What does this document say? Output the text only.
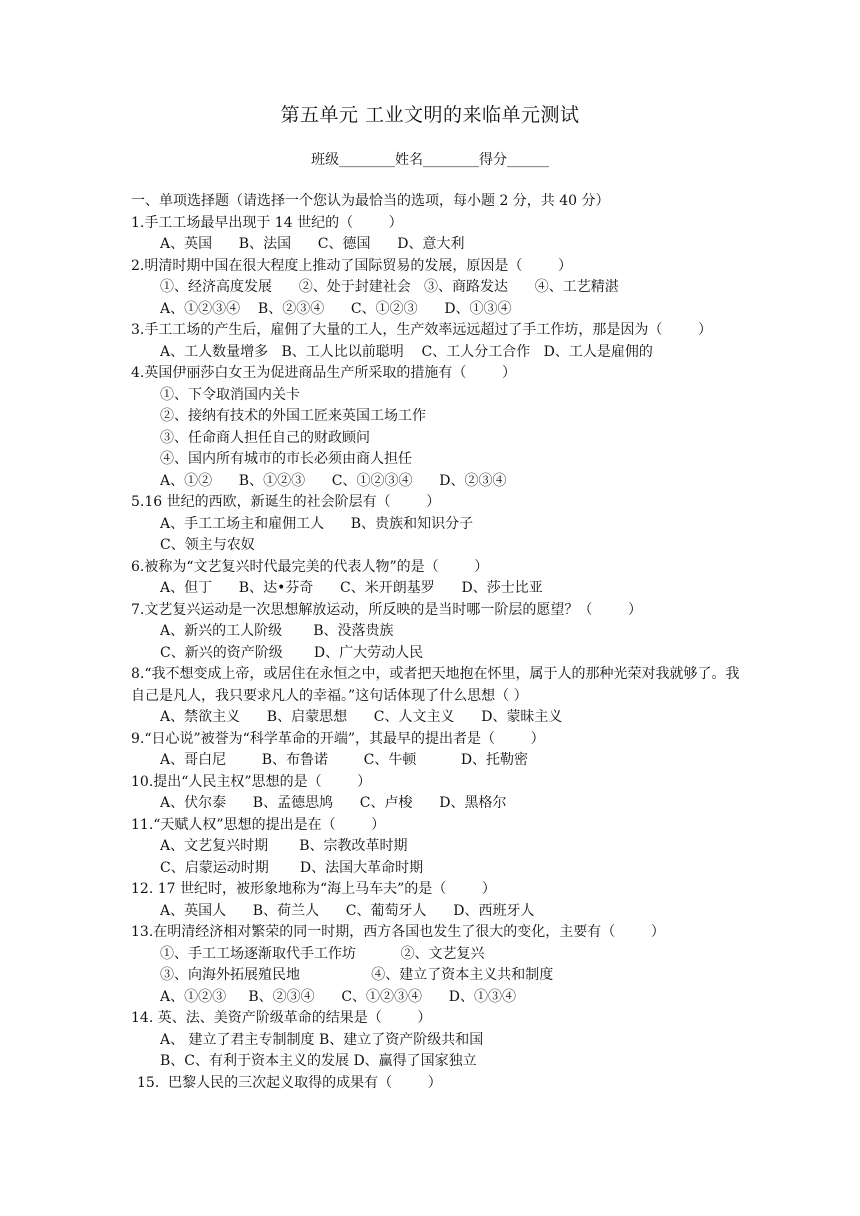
第五单元 工业文明的来临单元测试
班级________姓名________得分______
一、单项选择题（请选择一个您认为最恰当的选项，每小题 2 分，共 40 分）
1.手工工场最早出现于 14 世纪的（        ）
A、英国      B、法国      C、德国      D、意大利
2.明清时期中国在很大程度上推动了国际贸易的发展，原因是（        ）
①、经济高度发展      ②、处于封建社会   ③、商路发达      ④、工艺精湛
A、①②③④    B、②③④      C、①②③      D、①③④
3.手工工场的产生后，雇佣了大量的工人，生产效率远远超过了手工作坊，那是因为（        ）
A、工人数量增多   B、工人比以前聪明    C、工人分工合作   D、工人是雇佣的
4.英国伊丽莎白女王为促进商品生产所采取的措施有（        ）
①、下令取消国内关卡
②、接纳有技术的外国工匠来英国工场工作
③、任命商人担任自己的财政顾问
④、国内所有城市的市长必须由商人担任
A、①②      B、①②③      C、①②③④      D、②③④
5.16 世纪的西欧，新诞生的社会阶层有（        ）
A、手工工场主和雇佣工人      B、贵族和知识分子
C、领主与农奴
6.被称为“文艺复兴时代最完美的代表人物”的是（        ）
A、但丁      B、达•芬奇      C、米开朗基罗      D、莎士比亚
7.文艺复兴运动是一次思想解放运动，所反映的是当时哪一阶层的愿望？（        ）
A、新兴的工人阶级       B、没落贵族
C、新兴的资产阶级       D、广大劳动人民
8.“我不想变成上帝，或居住在永恒之中，或者把天地抱在怀里，属于人的那种光荣对我就够了。我自己是凡人，我只要求凡人的幸福。”这句话体现了什么思想（ ）
A、禁欲主义      B、启蒙思想      C、人文主义      D、蒙昧主义
9.“日心说”被誉为“科学革命的开端”，其最早的提出者是（        ）
A、哥白尼        B、布鲁诺        C、牛顿          D、托勒密
10.提出“人民主权”思想的是（        ）
A、伏尔泰      B、孟德思鸠      C、卢梭      D、黑格尔
11.“天赋人权”思想的提出是在（        ）
A、文艺复兴时期       B、宗教改革时期
C、启蒙运动时期       D、法国大革命时期
12. 17 世纪时，被形象地称为“海上马车夫”的是（        ）
A、英国人      B、荷兰人      C、葡萄牙人      D、西班牙人
13.在明清经济相对繁荣的同一时期，西方各国也发生了很大的变化，主要有（        ）
①、手工工场逐渐取代手工作坊          ②、文艺复兴
③、向海外拓展殖民地                ④、建立了资本主义共和制度
A、①②③     B、②③④      C、①②③④      D、①③④
14. 英、法、美资产阶级革命的结果是（        ）
A、 建立了君主专制制度 B、建立了资产阶级共和国
B、C、有利于资本主义的发展 D、赢得了国家独立
15.  巴黎人民的三次起义取得的成果有（        ）
